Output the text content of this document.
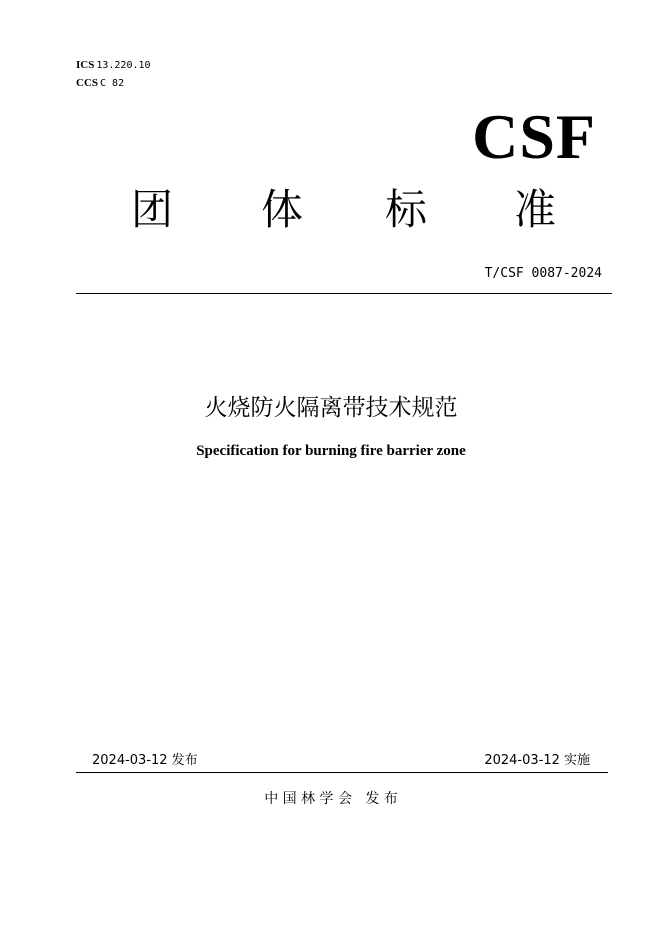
ICS 13.220.10
CCS C 82
CSF
团 体 标 准
T/CSF 0087-2024
火烧防火隔离带技术规范
Specification for burning fire barrier zone
2024-03-12 发布	2024-03-12 实施
中 国 林 学 会   发 布
